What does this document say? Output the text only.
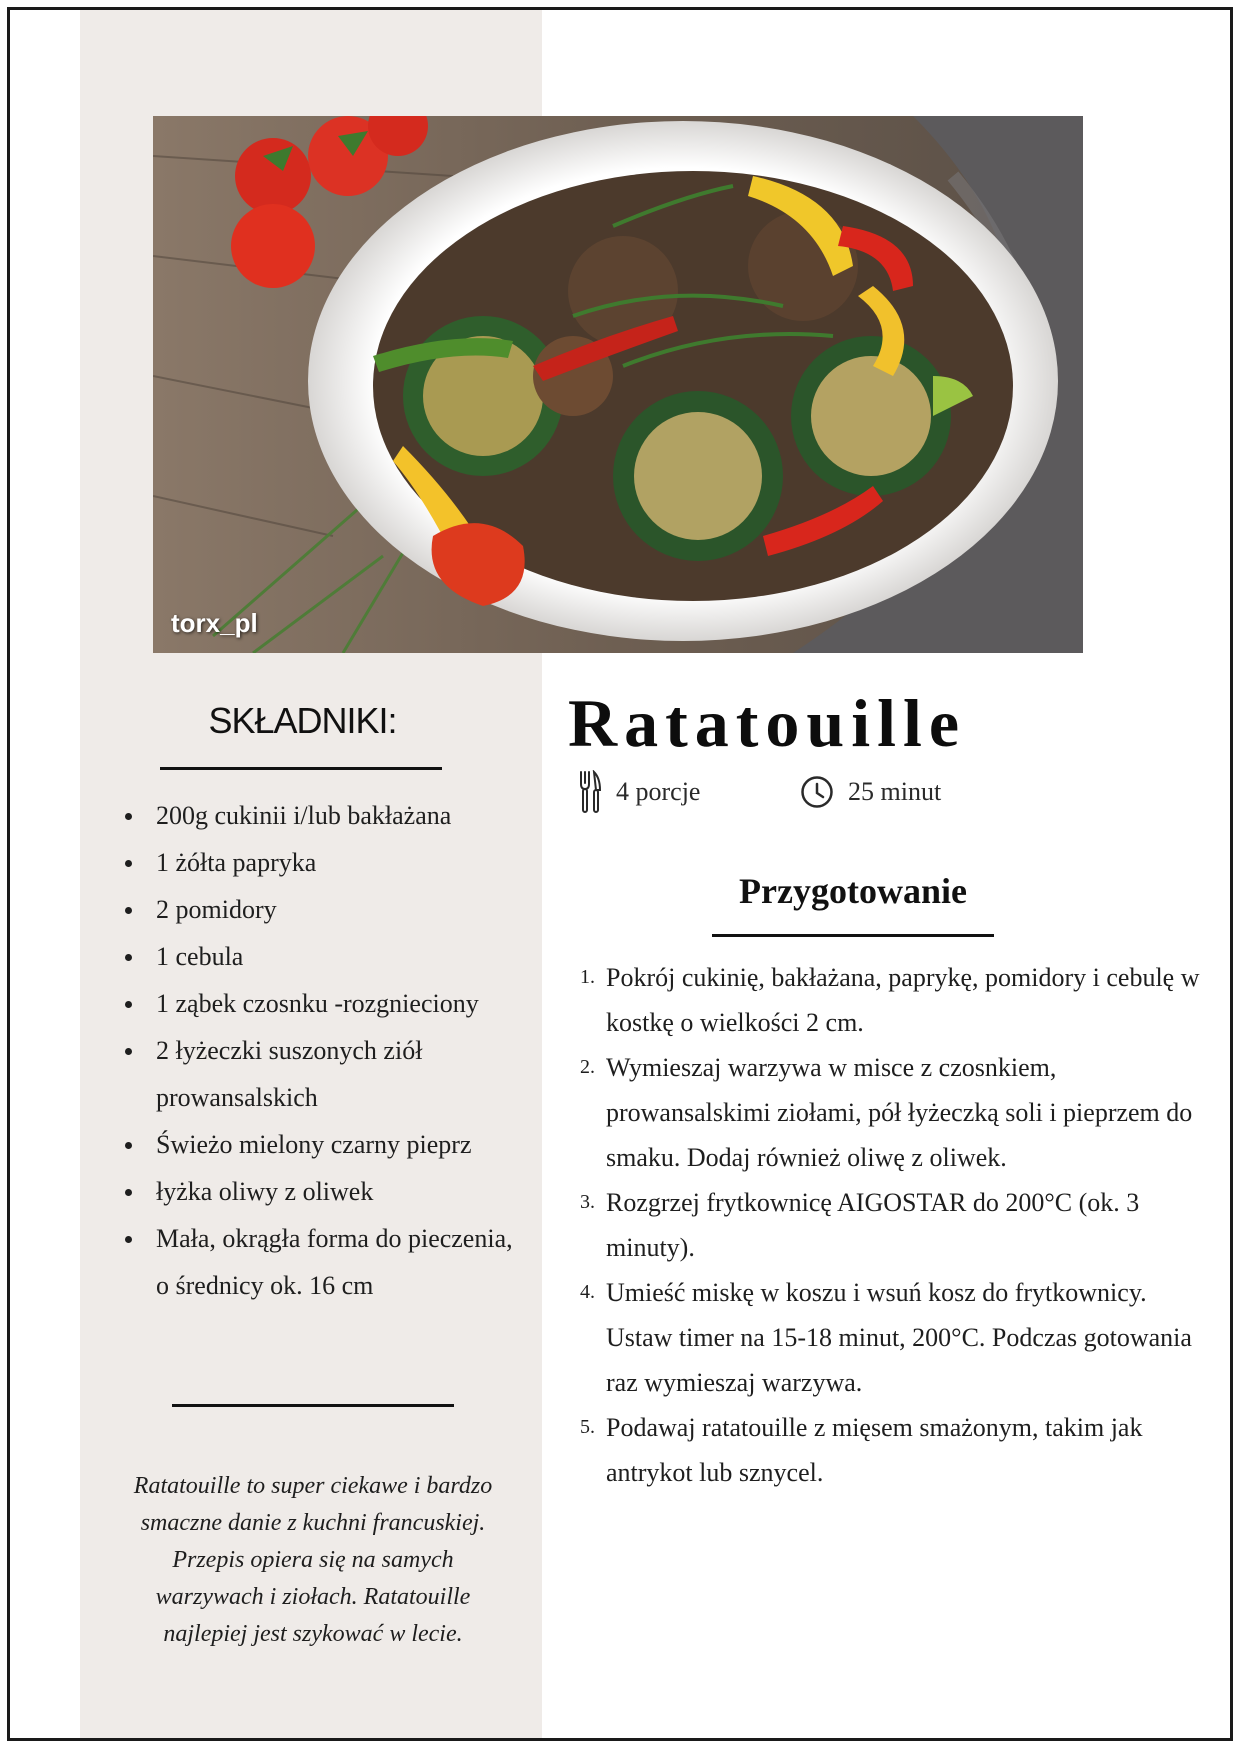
torx_pl
SKŁADNIKI:
200g cukinii i/lub bakłażana
1 żółta papryka
2 pomidory
1 cebula
1 ząbek czosnku -rozgnieciony
2 łyżeczki suszonych ziół prowansalskich
Świeżo mielony czarny pieprz
łyżka oliwy z oliwek
Mała, okrągła forma do pieczenia, o średnicy ok. 16 cm

Ratatouille to super ciekawe i bardzo smaczne danie z kuchni francuskiej. Przepis opiera się na samych warzywach i ziołach. Ratatouille najlepiej jest szykować w lecie.

Ratatouille
4 porcje	25 minut
Przygotowanie
1. Pokrój cukinię, bakłażana, paprykę, pomidory i cebulę w kostkę o wielkości 2 cm.
2. Wymieszaj warzywa w misce z czosnkiem, prowansalskimi ziołami, pół łyżeczką soli i pieprzem do smaku. Dodaj również oliwę z oliwek.
3. Rozgrzej frytkownicę AIGOSTAR do 200°C (ok. 3 minuty).
4. Umieść miskę w koszu i wsuń kosz do frytkownicy. Ustaw timer na 15-18 minut, 200°C. Podczas gotowania raz wymieszaj warzywa.
5. Podawaj ratatouille z mięsem smażonym, takim jak antrykot lub sznycel.
